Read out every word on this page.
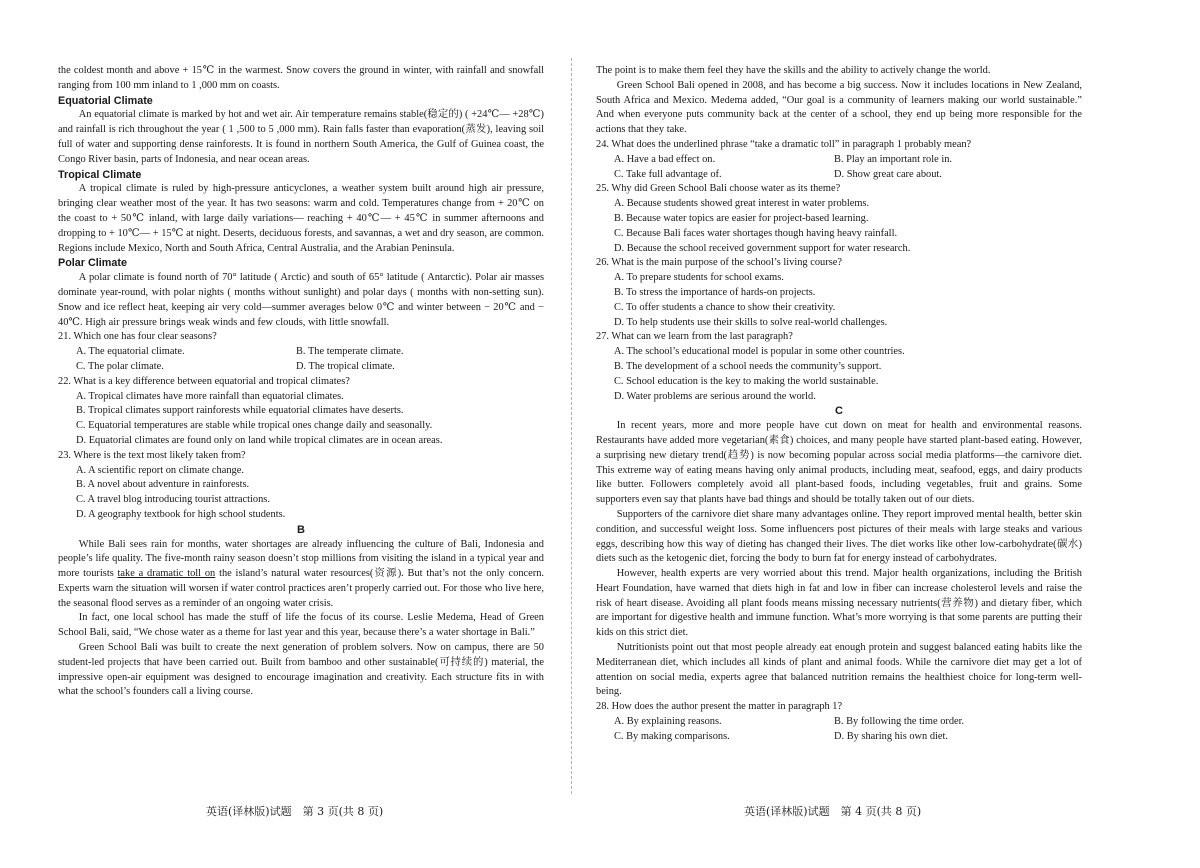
the coldest month and above + 15℃ in the warmest. Snow covers the ground in winter, with rainfall and snowfall ranging from 100 mm inland to 1 ,000 mm on coasts.

Equatorial Climate

An equatorial climate is marked by hot and wet air. Air temperature remains stable(稳定的) ( +24℃— +28℃) and rainfall is rich throughout the year ( 1 ,500 to 5 ,000 mm). Rain falls faster than evaporation(蒸发), leaving soil full of water and supporting dense rainforests. It is found in northern South America, the Gulf of Guinea coast, the Congo River basin, parts of Indonesia, and near ocean areas.

Tropical Climate

A tropical climate is ruled by high-pressure anticyclones, a weather system built around high air pressure, bringing clear weather most of the year. It has two seasons: warm and cold. Temperatures change from + 20℃ on the coast to + 50℃ inland, with large daily variations— reaching + 40℃— + 45℃ in summer afternoons and dropping to + 10℃— + 15℃ at night. Deserts, deciduous forests, and savannas, a wet and dry season, are common. Regions include Mexico, North and South Africa, Central Australia, and the Arabian Peninsula.

Polar Climate

A polar climate is found north of 70° latitude ( Arctic) and south of 65° latitude ( Antarctic). Polar air masses dominate year-round, with polar nights ( months without sunlight) and polar days ( months with non-setting sun). Snow and ice reflect heat, keeping air very cold—summer averages below 0℃ and winter between − 20℃ and − 40℃. High air pressure brings weak winds and few clouds, with little snowfall.

21. Which one has four clear seasons?

A. The equatorial climate.	B. The temperate climate.
C. The polar climate.	D. The tropical climate.

22. What is a key difference between equatorial and tropical climates?

A. Tropical climates have more rainfall than equatorial climates.
B. Tropical climates support rainforests while equatorial climates have deserts.
C. Equatorial temperatures are stable while tropical ones change daily and seasonally.
D. Equatorial climates are found only on land while tropical climates are in ocean areas.

23. Where is the text most likely taken from?

A. A scientific report on climate change.
B. A novel about adventure in rainforests.
C. A travel blog introducing tourist attractions.
D. A geography textbook for high school students.
B

While Bali sees rain for months, water shortages are already influencing the culture of Bali, Indonesia and people’s life quality. The five-month rainy season doesn’t stop millions from visiting the island in a typical year and more tourists take a dramatic toll on the island’s natural water resources(资源). But that’s not the only concern. Experts warn the situation will worsen if water control practices aren’t properly carried out. For those who live here, the seasonal flood serves as a reminder of an ongoing water crisis.

In fact, one local school has made the stuff of life the focus of its course. Leslie Medema, Head of Green School Bali, said, “We chose water as a theme for last year and this year, because there’s a water shortage in Bali.”

Green School Bali was built to create the next generation of problem solvers. Now on campus, there are 50 student-led projects that have been carried out. Built from bamboo and other sustainable(可持续的) material, the impressive open-air equipment was designed to encourage imagination and creativity. Each structure fits in with what the school’s founders call a living course.

The point is to make them feel they have the skills and the ability to actively change the world.

Green School Bali opened in 2008, and has become a big success. Now it includes locations in New Zealand, South Africa and Mexico. Medema added, “Our goal is a community of learners making our world sustainable.” And when everyone puts community back at the center of a school, they end up being more responsible for the actions that they take.

24. What does the underlined phrase “take a dramatic toll” in paragraph 1 probably mean?

A. Have a bad effect on.	B. Play an important role in.
C. Take full advantage of.	D. Show great care about.

25. Why did Green School Bali choose water as its theme?

A. Because students showed great interest in water problems.
B. Because water topics are easier for project-based learning.
C. Because Bali faces water shortages though having heavy rainfall.
D. Because the school received government support for water research.

26. What is the main purpose of the school’s living course?

A. To prepare students for school exams.
B. To stress the importance of hards-on projects.
C. To offer students a chance to show their creativity.
D. To help students use their skills to solve real-world challenges.

27. What can we learn from the last paragraph?

A. The school’s educational model is popular in some other countries.
B. The development of a school needs the community’s support.
C. School education is the key to making the world sustainable.
D. Water problems are serious around the world.
C

In recent years, more and more people have cut down on meat for health and environmental reasons. Restaurants have added more vegetarian(素食) choices, and many people have started plant-based eating. However, a surprising new dietary trend(趋势) is now becoming popular across social media platforms—the carnivore diet. This extreme way of eating means having only animal products, including meat, seafood, eggs, and dairy products like butter. Followers completely avoid all plant-based foods, including vegetables, fruit and grains. Some supporters even say that plants have bad things and should be totally taken out of our diets.

Supporters of the carnivore diet share many advantages online. They report improved mental health, better skin condition, and successful weight loss. Some influencers post pictures of their meals with large steaks and various eggs, describing how this way of dieting has changed their lives. The diet works like other low-carbohydrate(碳水) diets such as the ketogenic diet, forcing the body to burn fat for energy instead of carbohydrates.

However, health experts are very worried about this trend. Major health organizations, including the British Heart Foundation, have warned that diets high in fat and low in fiber can increase cholesterol levels and raise the risk of heart disease. Avoiding all plant foods means missing necessary nutrients(营养物) and dietary fiber, which are important for digestive health and immune function. What’s more worrying is that some parents are putting their kids on this strict diet.

Nutritionists point out that most people already eat enough protein and suggest balanced eating habits like the Mediterranean diet, which includes all kinds of plant and animal foods. While the carnivore diet may get a lot of attention on social media, experts agree that balanced nutrition remains the healthiest choice for long-term well-being.

28. How does the author present the matter in paragraph 1?

A. By explaining reasons.	B. By following the time order.
C. By making comparisons.	D. By sharing his own diet.
英语(译林版)试题　第 3 页(共 8 页)	英语(译林版)试题　第 4 页(共 8 页)
